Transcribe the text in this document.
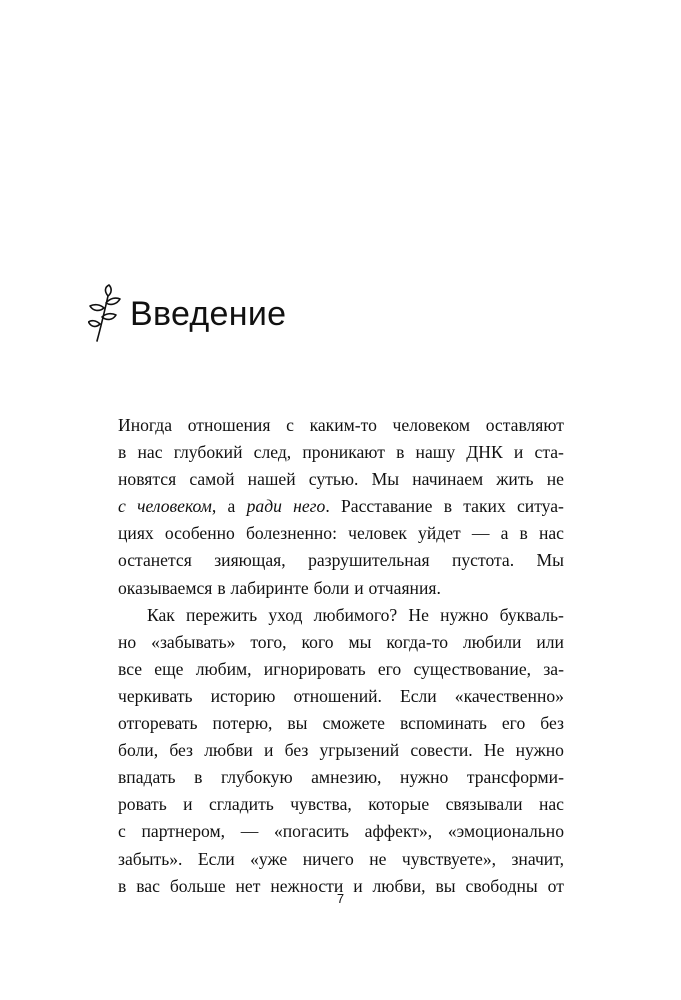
Введение
Иногда отношения с каким-то человеком оставляют
в нас глубокий след, проникают в нашу ДНК и ста-
новятся самой нашей сутью. Мы начинаем жить не
с человеком, а ради него. Расставание в таких ситуа-
циях особенно болезненно: человек уйдет — а в нас
останется зияющая, разрушительная пустота. Мы
оказываемся в лабиринте боли и отчаяния.
Как пережить уход любимого? Не нужно букваль-
но «забывать» того, кого мы когда-то любили или
все еще любим, игнорировать его существование, за-
черкивать историю отношений. Если «качественно»
отгоревать потерю, вы сможете вспоминать его без
боли, без любви и без угрызений совести. Не нужно
впадать в глубокую амнезию, нужно трансформи-
ровать и сгладить чувства, которые связывали нас
с партнером, — «погасить аффект», «эмоционально
забыть». Если «уже ничего не чувствуете», значит,
в вас больше нет нежности и любви, вы свободны от
7
